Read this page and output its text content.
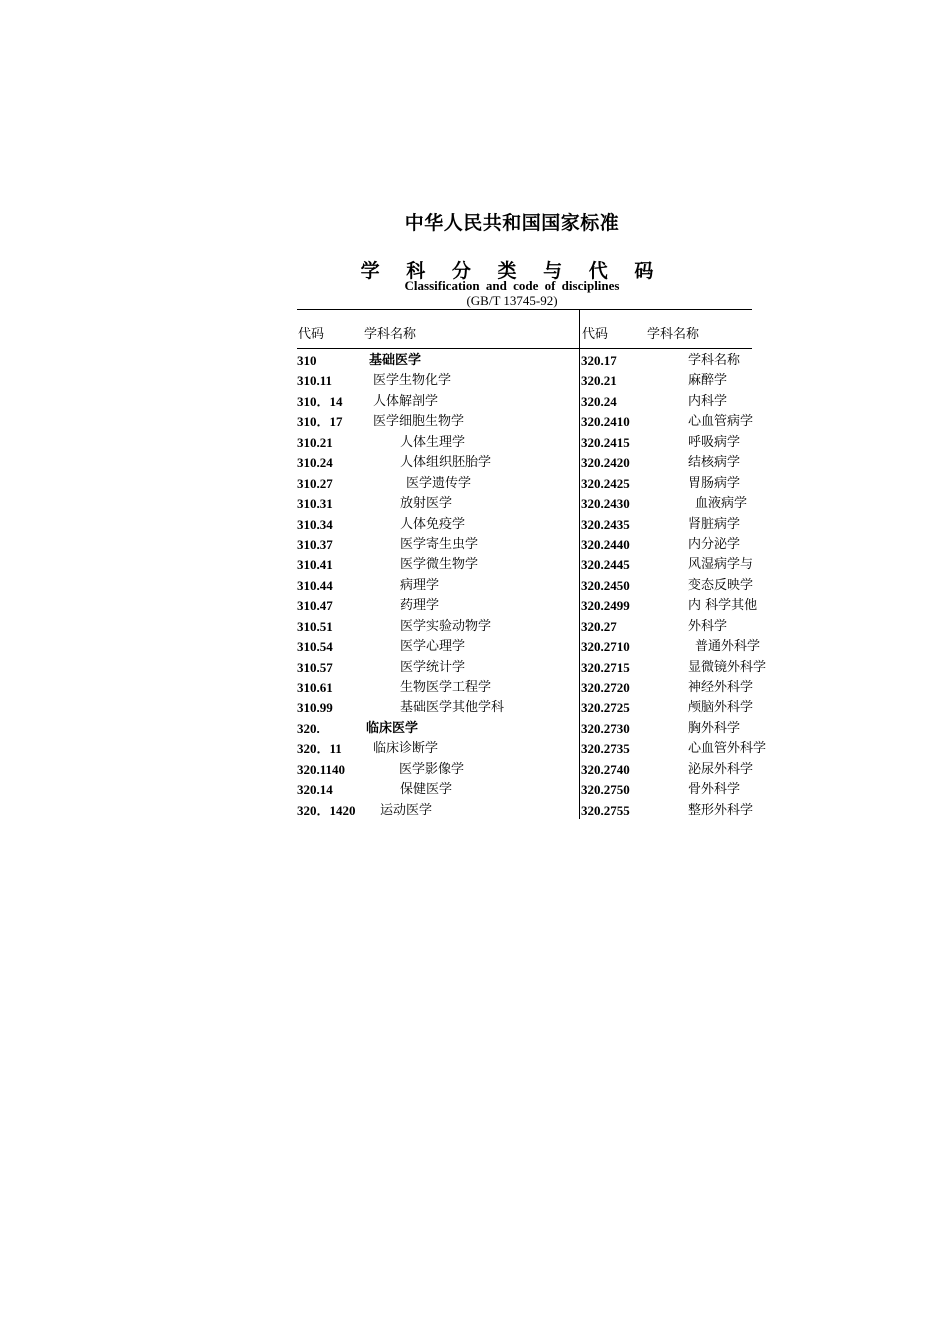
中华人民共和国国家标准
学 科 分 类 与 代 码
Classification and code of disciplines
(GB/T 13745-92)
代码	学科名称	代码	学科名称
310	基础医学	320.17	学科名称
310.11	医学生物化学	320.21	麻醉学
310．14 人体解剖学	320.24	内科学
310．17 医学细胞生物学	320.2410	心血管病学
310.21	人体生理学	320.2415	呼吸病学
310.24	人体组织胚胎学	320.2420	结核病学
310.27	医学遗传学	320.2425	胃肠病学
310.31	放射医学	320.2430	血液病学
310.34	人体免疫学	320.2435	肾脏病学
310.37	医学寄生虫学	320.2440	内分泌学
310.41	医学微生物学	320.2445	风湿病学与
310.44	病理学	320.2450	变态反映学
310.47	药理学	320.2499	内 科学其他
310.51	医学实验动物学	320.27	外科学
310.54	医学心理学	320.2710	普通外科学
310.57	医学统计学	320.2715	显微镜外科学
310.61	生物医学工程学	320.2720	神经外科学
310.99	基础医学其他学科	320.2725	颅脑外科学
320.	临床医学	320.2730	胸外科学
320．11 临床诊断学	320.2735	心血管外科学
320.1140	医学影像学	320.2740	泌尿外科学
320.14	保健医学	320.2750	骨外科学
320．1420 运动医学	320.2755	整形外科学
